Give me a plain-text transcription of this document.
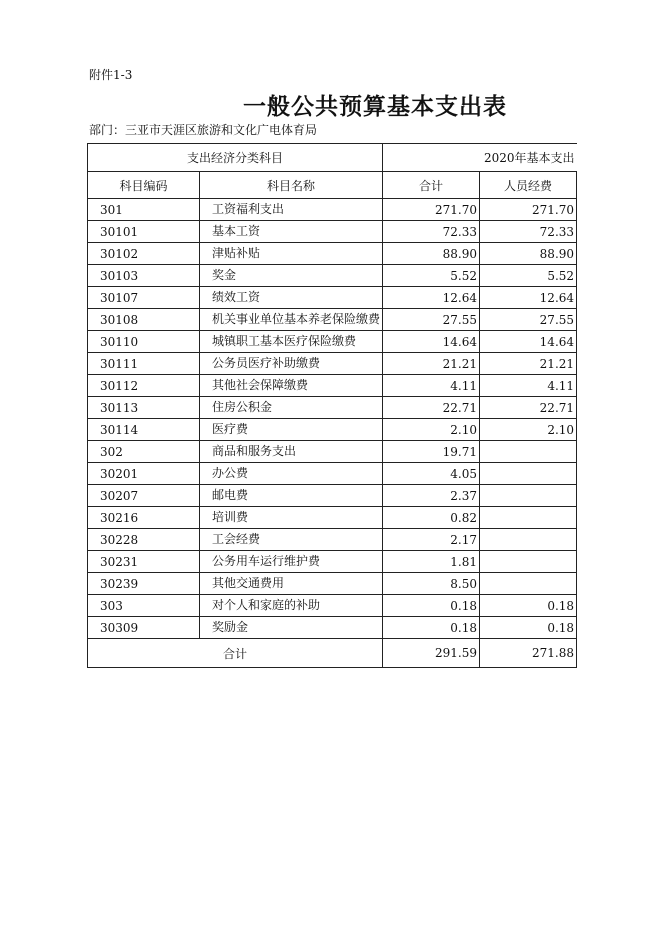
附件1-3
一般公共预算基本支出表
部门：三亚市天涯区旅游和文化广电体育局
支出经济分类科目		2020年基本支出	
科目编码	科目名称	合计	人员经费
301	工资福利支出	271.70	271.70
30101	基本工资	72.33	72.33
30102	津贴补贴	88.90	88.90
30103	奖金	5.52	5.52
30107	绩效工资	12.64	12.64
30108	机关事业单位基本养老保险缴费	27.55	27.55
30110	城镇职工基本医疗保险缴费	14.64	14.64
30111	公务员医疗补助缴费	21.21	21.21
30112	其他社会保障缴费	4.11	4.11
30113	住房公积金	22.71	22.71
30114	医疗费	2.10	2.10
302	商品和服务支出	19.71	
30201	办公费	4.05	
30207	邮电费	2.37	
30216	培训费	0.82	
30228	工会经费	2.17	
30231	公务用车运行维护费	1.81	
30239	其他交通费用	8.50	
303	对个人和家庭的补助	0.18	0.18
30309	奖励金	0.18	0.18
合计		291.59	271.88
